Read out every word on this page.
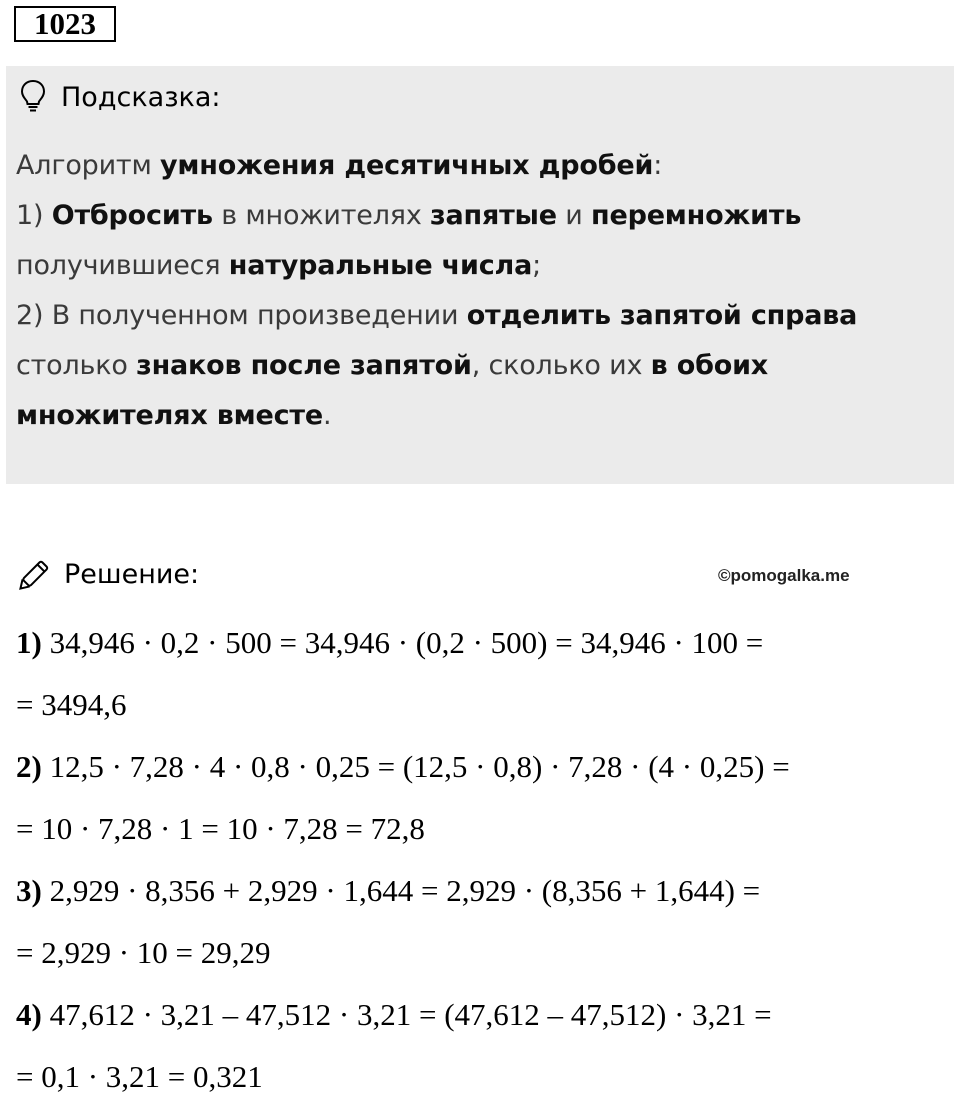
1023
Подсказка:
Алгоритм умножения десятичных дробей:
1) Отбросить в множителях запятые и перемножить
получившиеся натуральные числа;
2) В полученном произведении отделить запятой справа
столько знаков после запятой, сколько их в обоих
множителях вместе.
Решение:	©pomogalka.me
1) 34,946 · 0,2 · 500 = 34,946 · (0,2 · 500) = 34,946 · 100 =
= 3494,6
2) 12,5 · 7,28 · 4 · 0,8 · 0,25 = (12,5 · 0,8) · 7,28 · (4 · 0,25) =
= 10 · 7,28 · 1 = 10 · 7,28 = 72,8
3) 2,929 · 8,356 + 2,929 · 1,644 = 2,929 · (8,356 + 1,644) =
= 2,929 · 10 = 29,29
4) 47,612 · 3,21 – 47,512 · 3,21 = (47,612 – 47,512) · 3,21 =
= 0,1 · 3,21 = 0,321
